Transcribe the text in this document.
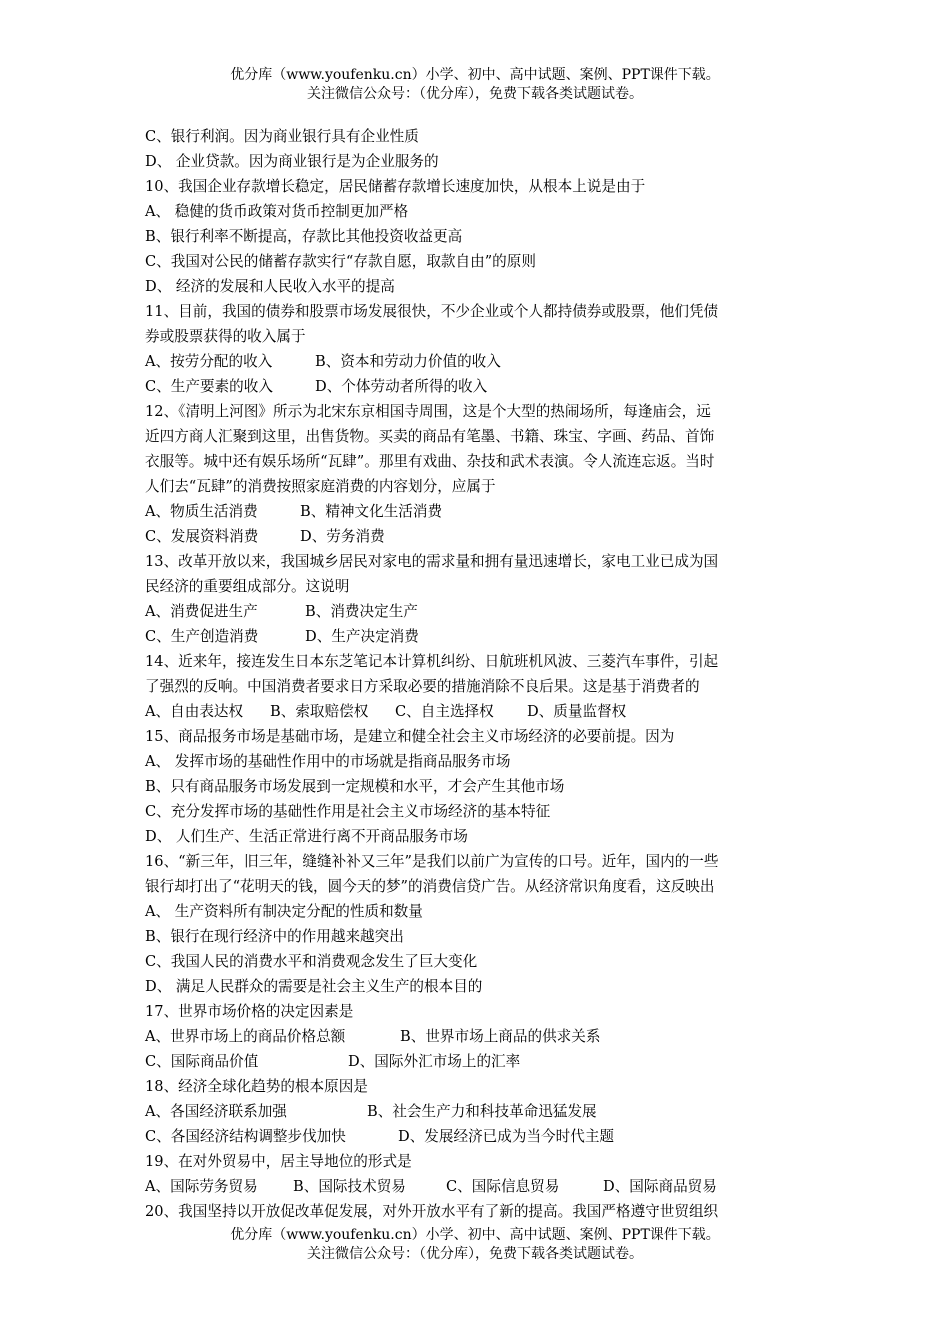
优分库（www.youfenku.cn）小学、初中、高中试题、案例、PPT课件下载。
关注微信公众号：（优分库），免费下载各类试题试卷。
C、银行利润。因为商业银行具有企业性质
D、 企业贷款。因为商业银行是为企业服务的
10、我国企业存款增长稳定，居民储蓄存款增长速度加快，从根本上说是由于
A、 稳健的货币政策对货币控制更加严格
B、银行利率不断提高，存款比其他投资收益更高
C、我国对公民的储蓄存款实行“存款自愿，取款自由”的原则
D、 经济的发展和人民收入水平的提高
11、目前，我国的债券和股票市场发展很快，不少企业或个人都持债券或股票，他们凭债
券或股票获得的收入属于
A、按劳分配的收入	B、资本和劳动力价值的收入
C、生产要素的收入	D、个体劳动者所得的收入
12、《清明上河图》所示为北宋东京相国寺周围，这是个大型的热闹场所，每逢庙会，远
近四方商人汇聚到这里，出售货物。买卖的商品有笔墨、书籍、珠宝、字画、药品、首饰
衣服等。城中还有娱乐场所“瓦肆”。那里有戏曲、杂技和武术表演。令人流连忘返。当时
人们去“瓦肆”的消费按照家庭消费的内容划分，应属于
A、物质生活消费	B、精神文化生活消费
C、发展资料消费	D、劳务消费
13、改革开放以来，我国城乡居民对家电的需求量和拥有量迅速增长，家电工业已成为国
民经济的重要组成部分。这说明
A、消费促进生产	B、消费决定生产
C、生产创造消费	D、生产决定消费
14、近来年，接连发生日本东芝笔记本计算机纠纷、日航班机风波、三菱汽车事件，引起
了强烈的反响。中国消费者要求日方采取必要的措施消除不良后果。这是基于消费者的
A、自由表达权	B、索取赔偿权	C、自主选择权	D、质量监督权
15、商品报务市场是基础市场，是建立和健全社会主义市场经济的必要前提。因为
A、 发挥市场的基础性作用中的市场就是指商品服务市场
B、只有商品服务市场发展到一定规模和水平，才会产生其他市场
C、充分发挥市场的基础性作用是社会主义市场经济的基本特征
D、 人们生产、生活正常进行离不开商品服务市场
16、“新三年，旧三年，缝缝补补又三年”是我们以前广为宣传的口号。近年，国内的一些
银行却打出了“花明天的钱，圆今天的梦”的消费信贷广告。从经济常识角度看，这反映出
A、 生产资料所有制决定分配的性质和数量
B、银行在现行经济中的作用越来越突出
C、我国人民的消费水平和消费观念发生了巨大变化
D、 满足人民群众的需要是社会主义生产的根本目的
17、世界市场价格的决定因素是
A、世界市场上的商品价格总额	B、世界市场上商品的供求关系
C、国际商品价值	D、国际外汇市场上的汇率
18、经济全球化趋势的根本原因是
A、各国经济联系加强	B、社会生产力和科技革命迅猛发展
C、各国经济结构调整步伐加快	D、发展经济已成为当今时代主题
19、在对外贸易中，居主导地位的形式是
A、国际劳务贸易	B、国际技术贸易	C、国际信息贸易	D、国际商品贸易
20、我国坚持以开放促改革促发展，对外开放水平有了新的提高。我国严格遵守世贸组织
优分库（www.youfenku.cn）小学、初中、高中试题、案例、PPT课件下载。
关注微信公众号：（优分库），免费下载各类试题试卷。
